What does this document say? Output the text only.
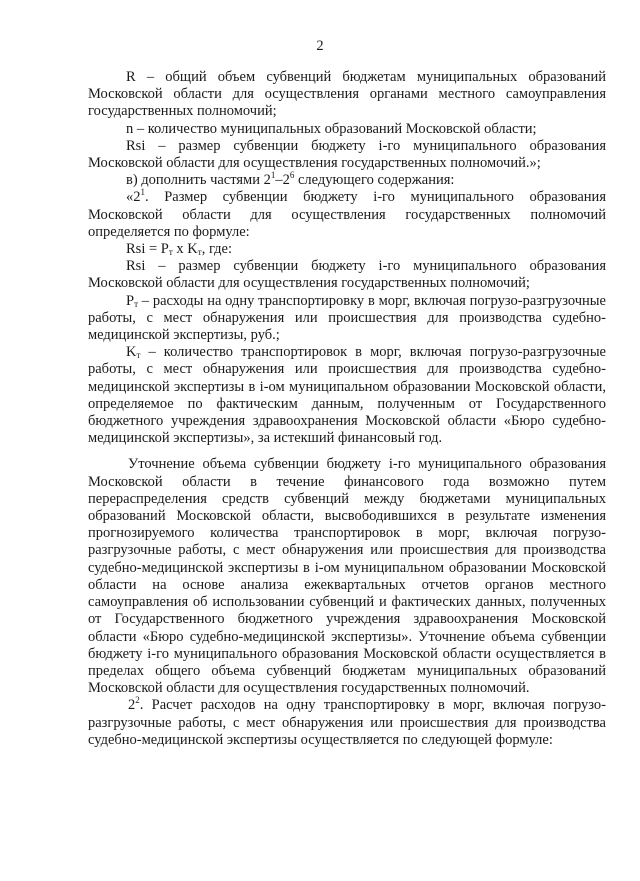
2

R – общий объем субвенций бюджетам муниципальных образований Московской области для осуществления органами местного самоуправления государственных полномочий;

n – количество муниципальных образований Московской области;

Rsi – размер субвенции бюджету i-го муниципального образования Московской области для осуществления государственных полномочий.»;

в) дополнить частями $2^1-2^6$ следующего содержания:

«$2^1$. Размер субвенции бюджету i-го муниципального образования Московской области для осуществления государственных полномочий определяется по формуле:

Rsi = $P_т$ x $K_т$, где:

Rsi – размер субвенции бюджету i-го муниципального образования Московской области для осуществления государственных полномочий;

$P_т$ – расходы на одну транспортировку в морг, включая погрузо-разгрузочные работы, с мест обнаружения или происшествия для производства судебно-медицинской экспертизы, руб.;

$K_т$ – количество транспортировок в морг, включая погрузо-разгрузочные работы, с мест обнаружения или происшествия для производства судебно-медицинской экспертизы в i-ом муниципальном образовании Московской области, определяемое по фактическим данным, полученным от Государственного бюджетного учреждения здравоохранения Московской области «Бюро судебно-медицинской экспертизы», за истекший финансовый год.

Уточнение объема субвенции бюджету i-го муниципального образования Московской области в течение финансового года возможно путем перераспределения средств субвенций между бюджетами муниципальных образований Московской области, высвободившихся в результате изменения прогнозируемого количества транспортировок в морг, включая погрузо-разгрузочные работы, с мест обнаружения или происшествия для производства судебно-медицинской экспертизы в i-ом муниципальном образовании Московской области на основе анализа ежеквартальных отчетов органов местного самоуправления об использовании субвенций и фактических данных, полученных от Государственного бюджетного учреждения здравоохранения Московской области «Бюро судебно-медицинской экспертизы». Уточнение объема субвенции бюджету i-го муниципального образования Московской области осуществляется в пределах общего объема субвенций бюджетам муниципальных образований Московской области для осуществления государственных полномочий.

$2^2$. Расчет расходов на одну транспортировку в морг, включая погрузо-разгрузочные работы, с мест обнаружения или происшествия для производства судебно-медицинской экспертизы осуществляется по следующей формуле:
